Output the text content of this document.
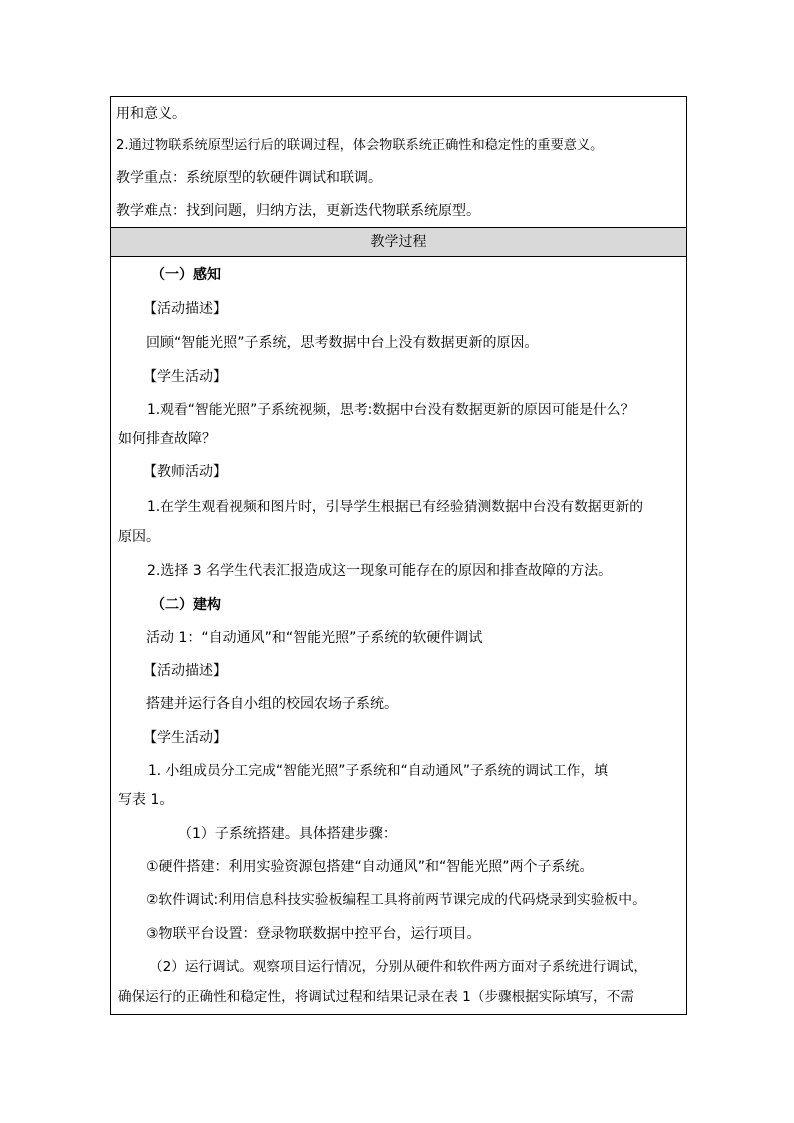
用和意义。
2.通过物联系统原型运行后的联调过程，体会物联系统正确性和稳定性的重要意义。
教学重点：系统原型的软硬件调试和联调。
教学难点：找到问题，归纳方法，更新迭代物联系统原型。
教学过程
（一）感知
【活动描述】
回顾“智能光照”子系统，思考数据中台上没有数据更新的原因。
【学生活动】
1.观看“智能光照”子系统视频，思考:数据中台没有数据更新的原因可能是什么？
如何排查故障？
【教师活动】
1.在学生观看视频和图片时，引导学生根据已有经验猜测数据中台没有数据更新的
原因。
2.选择 3 名学生代表汇报造成这一现象可能存在的原因和排查故障的方法。
（二）建构
活动 1：“自动通风”和“智能光照”子系统的软硬件调试
【活动描述】
搭建并运行各自小组的校园农场子系统。
【学生活动】
1. 小组成员分工完成“智能光照”子系统和“自动通风”子系统的调试工作，填
写表 1。
（1）子系统搭建。具体搭建步骤：
①硬件搭建：利用实验资源包搭建“自动通风”和“智能光照”两个子系统。
②软件调试:利用信息科技实验板编程工具将前两节课完成的代码烧录到实验板中。
③物联平台设置：登录物联数据中控平台，运行项目。
（2）运行调试。观察项目运行情况，分别从硬件和软件两方面对子系统进行调试，
确保运行的正确性和稳定性，将调试过程和结果记录在表 1（步骤根据实际填写，不需
